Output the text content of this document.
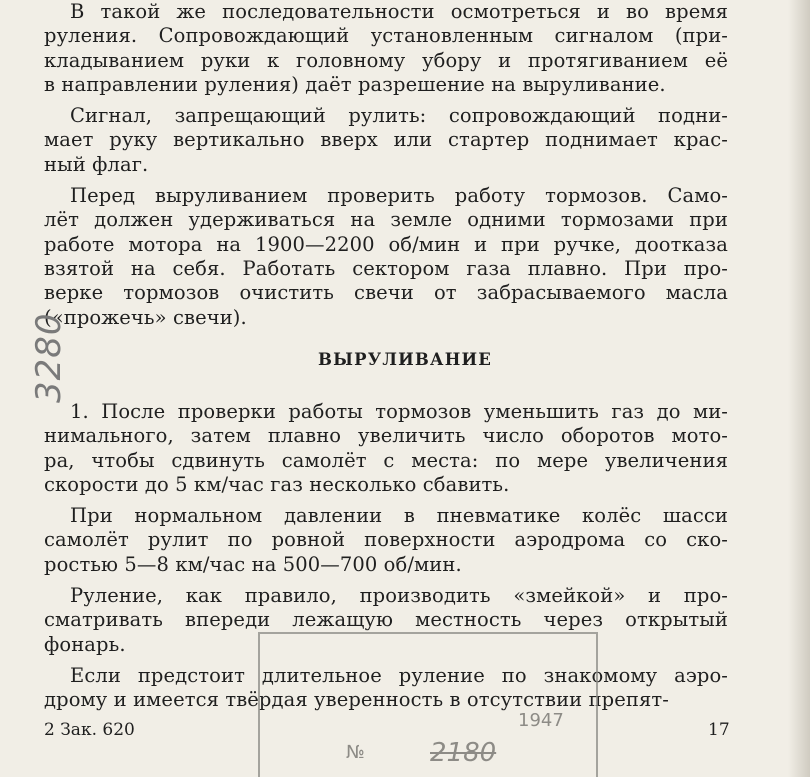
В такой же последовательности осмотреться и во время

руления. Сопровождающий установленным сигналом (при-

кладыванием руки к головному убору и протягиванием её

в направлении руления) даёт разрешение на выруливание.

Сигнал, запрещающий рулить: сопровождающий подни-

мает руку вертикально вверх или стартер поднимает крас-

ный флаг.

Перед выруливанием проверить работу тормозов. Само-

лёт должен удерживаться на земле одними тормозами при

работе мотора на 1900—2200 об/мин и при ручке, доотказа

взятой на себя. Работать сектором газа плавно. При про-

верке тормозов очистить свечи от забрасываемого масла

(«прожечь» свечи).

ВЫРУЛИВАНИЕ

1. После проверки работы тормозов уменьшить газ до ми-

нимального, затем плавно увеличить число оборотов мото-

ра, чтобы сдвинуть самолёт с места: по мере увеличения

скорости до 5 км/час газ несколько сбавить.

При нормальном давлении в пневматике колёс шасси

самолёт рулит по ровной поверхности аэродрома со ско-

ростью 5—8 км/час на 500—700 об/мин.

Руление, как правило, производить «змейкой» и про-

сматривать впереди лежащую местность через открытый

фонарь.

Если предстоит длительное руление по знакомому аэро-

дрому и имеется твёрдая уверенность в отсутствии препят-

3280
1947
№	2180
2 Зак. 620	17
